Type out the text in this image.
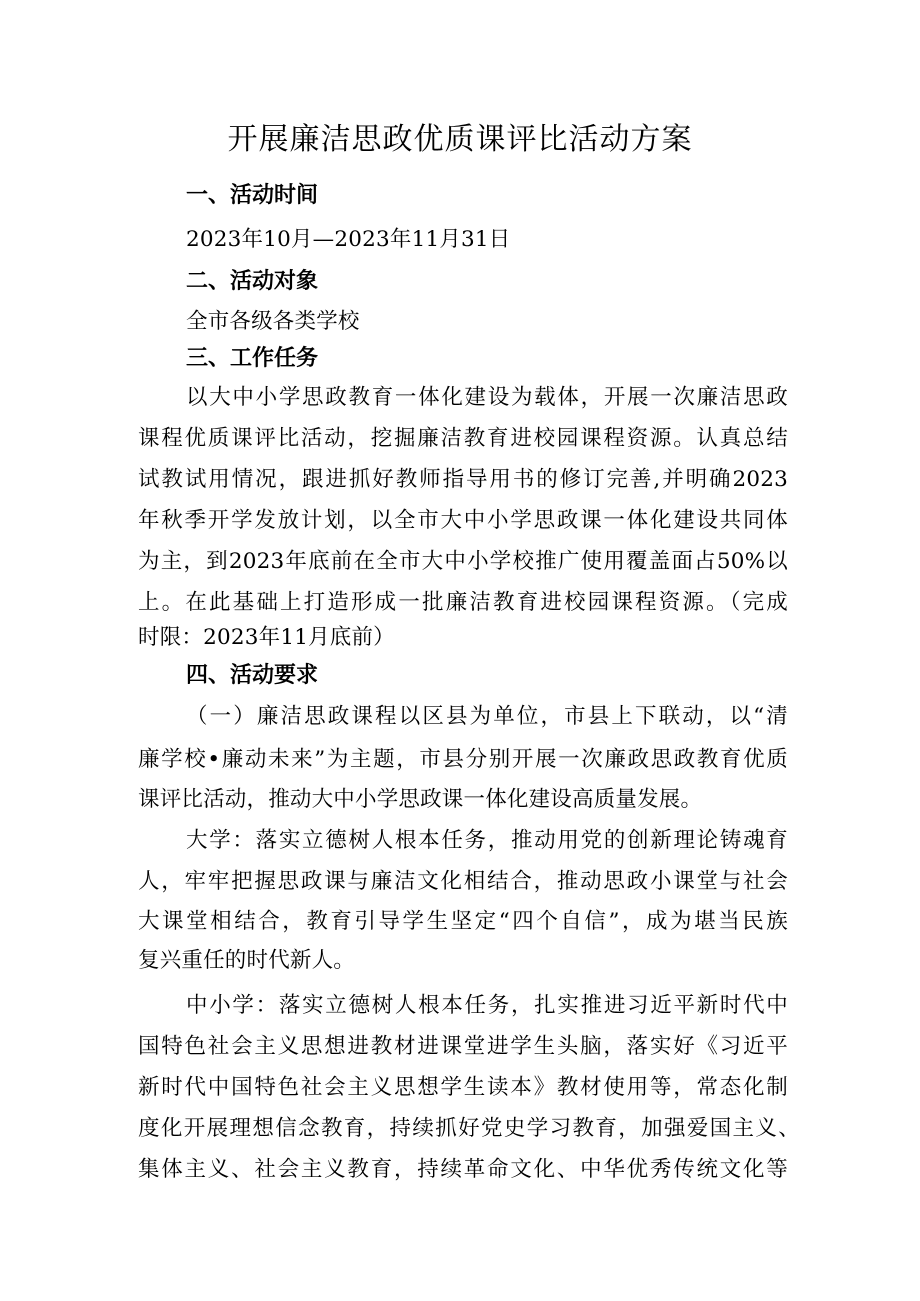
开展廉洁思政优质课评比活动方案
一、活动时间
2023年10月—2023年11月31日
二、活动对象
全市各级各类学校
三、工作任务
以大中小学思政教育一体化建设为载体，开展一次廉洁思政
课程优质课评比活动，挖掘廉洁教育进校园课程资源。认真总结
试教试用情况，跟进抓好教师指导用书的修订完善,并明确2023
年秋季开学发放计划，以全市大中小学思政课一体化建设共同体
为主，到2023年底前在全市大中小学校推广使用覆盖面占50%以
上。在此基础上打造形成一批廉洁教育进校园课程资源。（完成
时限：2023年11月底前）
四、活动要求
（一）廉洁思政课程以区县为单位，市县上下联动，以“清
廉学校•廉动未来”为主题，市县分别开展一次廉政思政教育优质
课评比活动，推动大中小学思政课一体化建设高质量发展。
大学：落实立德树人根本任务，推动用党的创新理论铸魂育
人，牢牢把握思政课与廉洁文化相结合，推动思政小课堂与社会
大课堂相结合，教育引导学生坚定“四个自信”，成为堪当民族
复兴重任的时代新人。
中小学：落实立德树人根本任务，扎实推进习近平新时代中
国特色社会主义思想进教材进课堂进学生头脑，落实好《习近平
新时代中国特色社会主义思想学生读本》教材使用等，常态化制
度化开展理想信念教育，持续抓好党史学习教育，加强爱国主义、
集体主义、社会主义教育，持续革命文化、中华优秀传统文化等
